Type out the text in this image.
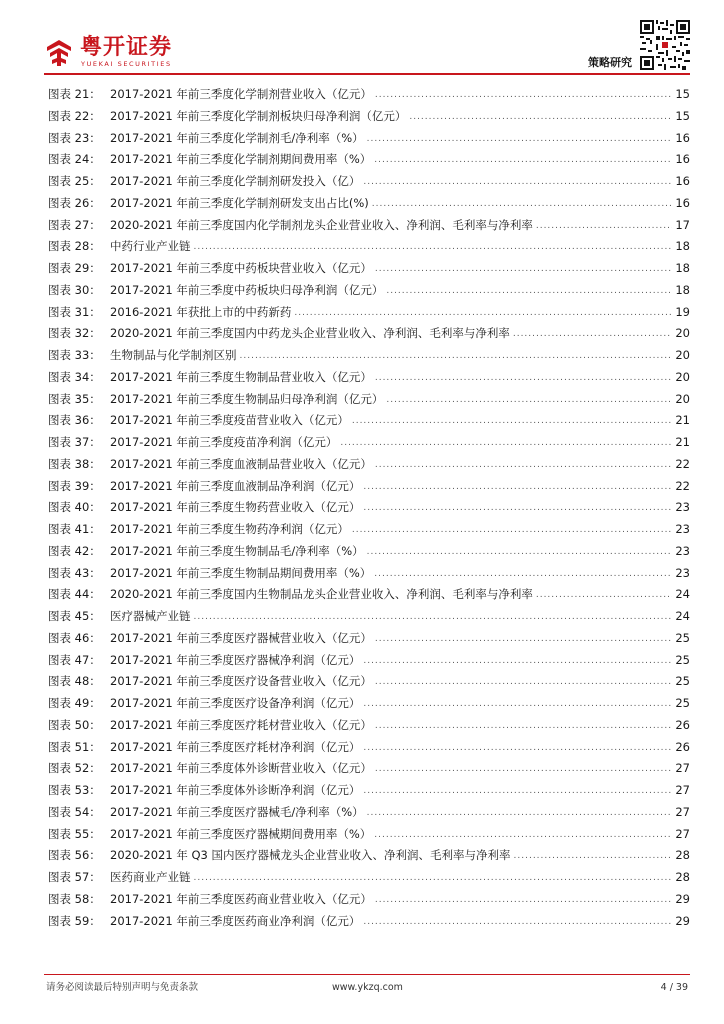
粤开证券
YUEKAI SECURITIES	策略研究
图表 21： 2017-2021 年前三季度化学制剂营业收入（亿元） .....	15
图表 22： 2017-2021 年前三季度化学制剂板块归母净利润（亿元） .....	15
图表 23： 2017-2021 年前三季度化学制剂毛/净利率（%） .....	16
图表 24： 2017-2021 年前三季度化学制剂期间费用率（%） .....	16
图表 25： 2017-2021 年前三季度化学制剂研发投入（亿） .....	16
图表 26： 2017-2021 年前三季度化学制剂研发支出占比(%) .....	16
图表 27： 2020-2021 年前三季度国内化学制剂龙头企业营业收入、净利润、毛利率与净利率 .....	17
图表 28： 中药行业产业链 .....	18
图表 29： 2017-2021 年前三季度中药板块营业收入（亿元） .....	18
图表 30： 2017-2021 年前三季度中药板块归母净利润（亿元） .....	18
图表 31： 2016-2021 年获批上市的中药新药 .....	19
图表 32： 2020-2021 年前三季度国内中药龙头企业营业收入、净利润、毛利率与净利率 .....	20
图表 33： 生物制品与化学制剂区别 .....	20
图表 34： 2017-2021 年前三季度生物制品营业收入（亿元） .....	20
图表 35： 2017-2021 年前三季度生物制品归母净利润（亿元） .....	20
图表 36： 2017-2021 年前三季度疫苗营业收入（亿元） .....	21
图表 37： 2017-2021 年前三季度疫苗净利润（亿元） .....	21
图表 38： 2017-2021 年前三季度血液制品营业收入（亿元） .....	22
图表 39： 2017-2021 年前三季度血液制品净利润（亿元） .....	22
图表 40： 2017-2021 年前三季度生物药营业收入（亿元） .....	23
图表 41： 2017-2021 年前三季度生物药净利润（亿元） .....	23
图表 42： 2017-2021 年前三季度生物制品毛/净利率（%） .....	23
图表 43： 2017-2021 年前三季度生物制品期间费用率（%） .....	23
图表 44： 2020-2021 年前三季度国内生物制品龙头企业营业收入、净利润、毛利率与净利率 .....	24
图表 45： 医疗器械产业链 .....	24
图表 46： 2017-2021 年前三季度医疗器械营业收入（亿元） .....	25
图表 47： 2017-2021 年前三季度医疗器械净利润（亿元） .....	25
图表 48： 2017-2021 年前三季度医疗设备营业收入（亿元） .....	25
图表 49： 2017-2021 年前三季度医疗设备净利润（亿元） .....	25
图表 50： 2017-2021 年前三季度医疗耗材营业收入（亿元） .....	26
图表 51： 2017-2021 年前三季度医疗耗材净利润（亿元） .....	26
图表 52： 2017-2021 年前三季度体外诊断营业收入（亿元） .....	27
图表 53： 2017-2021 年前三季度体外诊断净利润（亿元） .....	27
图表 54： 2017-2021 年前三季度医疗器械毛/净利率（%） .....	27
图表 55： 2017-2021 年前三季度医疗器械期间费用率（%） .....	27
图表 56： 2020-2021 年 Q3 国内医疗器械龙头企业营业收入、净利润、毛利率与净利率 .....	28
图表 57： 医药商业产业链 .....	28
图表 58： 2017-2021 年前三季度医药商业营业收入（亿元） .....	29
图表 59： 2017-2021 年前三季度医药商业净利润（亿元） .....	29
请务必阅读最后特别声明与免责条款	www.ykzq.com	4 / 39
